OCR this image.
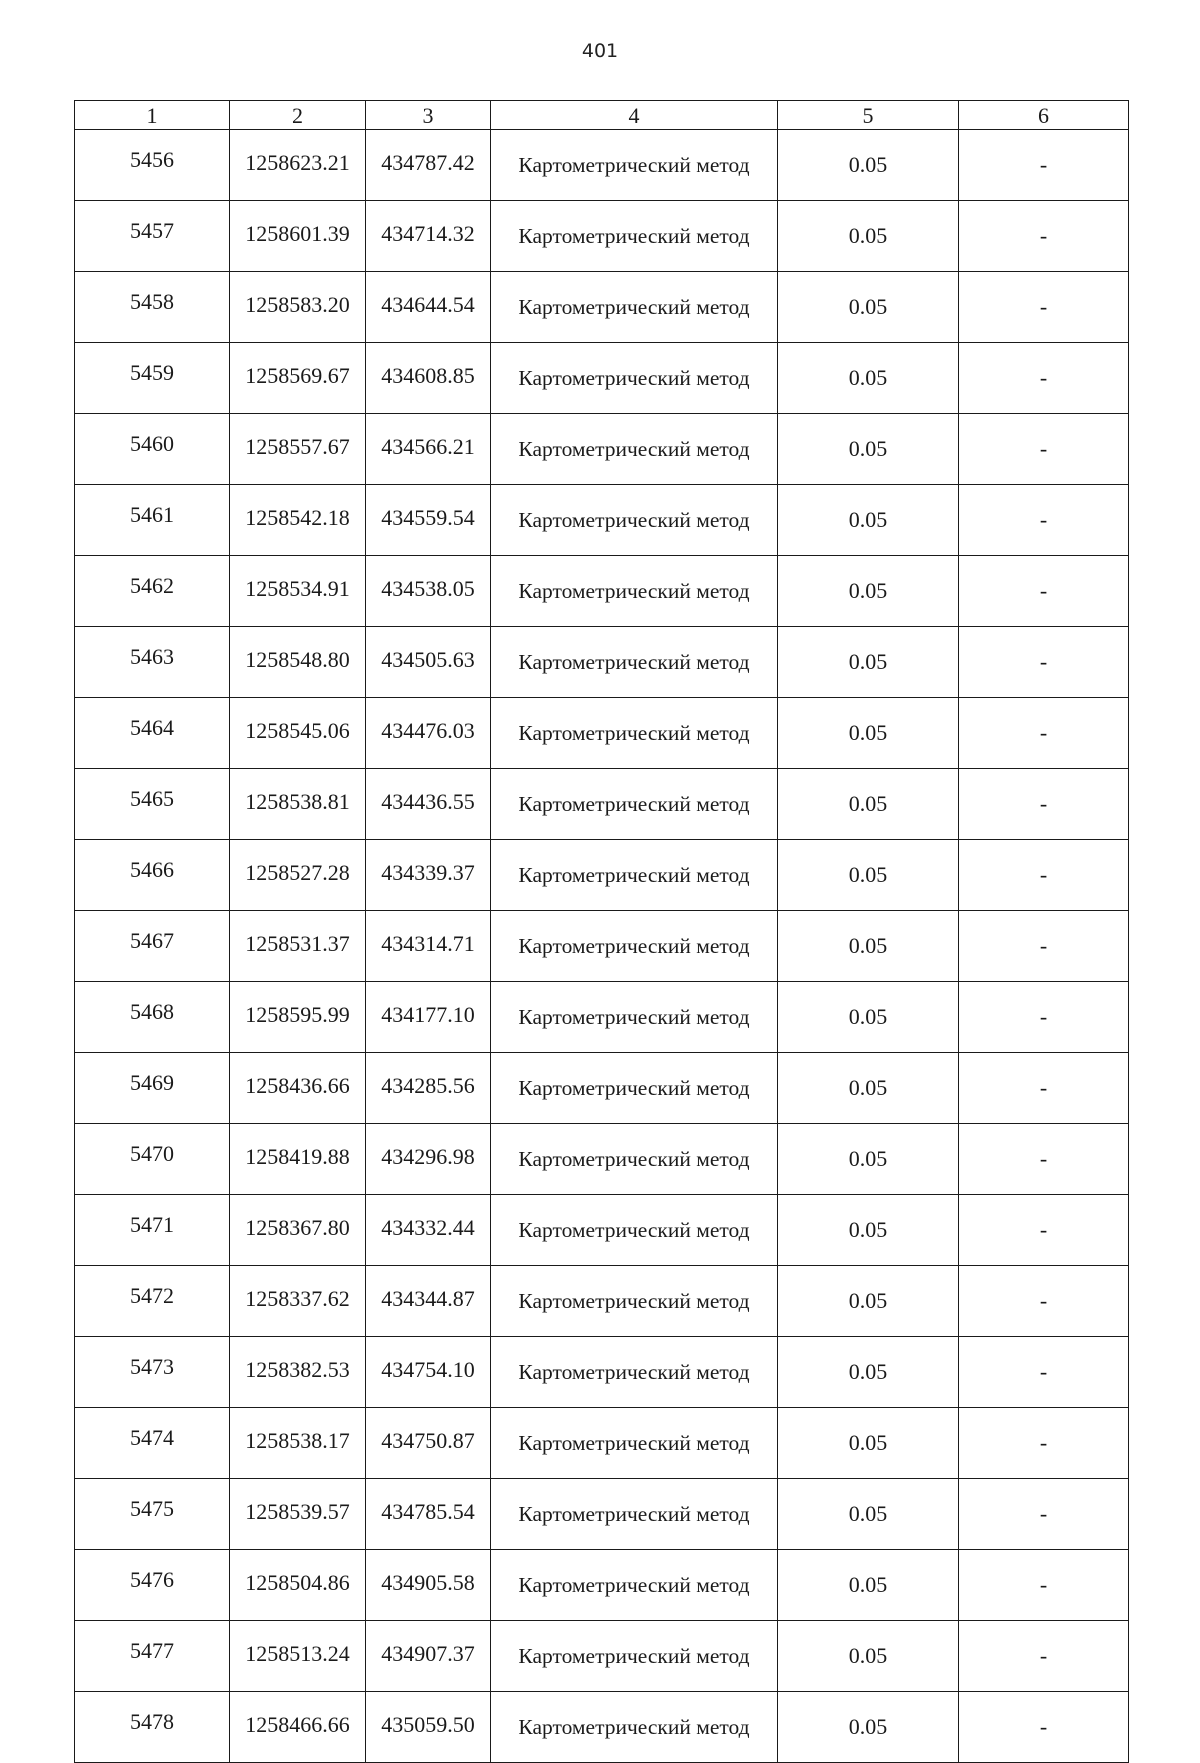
401
1	2	3	4	5	6
5456	1258623.21	434787.42	Картометрический метод	0.05	-
5457	1258601.39	434714.32	Картометрический метод	0.05	-
5458	1258583.20	434644.54	Картометрический метод	0.05	-
5459	1258569.67	434608.85	Картометрический метод	0.05	-
5460	1258557.67	434566.21	Картометрический метод	0.05	-
5461	1258542.18	434559.54	Картометрический метод	0.05	-
5462	1258534.91	434538.05	Картометрический метод	0.05	-
5463	1258548.80	434505.63	Картометрический метод	0.05	-
5464	1258545.06	434476.03	Картометрический метод	0.05	-
5465	1258538.81	434436.55	Картометрический метод	0.05	-
5466	1258527.28	434339.37	Картометрический метод	0.05	-
5467	1258531.37	434314.71	Картометрический метод	0.05	-
5468	1258595.99	434177.10	Картометрический метод	0.05	-
5469	1258436.66	434285.56	Картометрический метод	0.05	-
5470	1258419.88	434296.98	Картометрический метод	0.05	-
5471	1258367.80	434332.44	Картометрический метод	0.05	-
5472	1258337.62	434344.87	Картометрический метод	0.05	-
5473	1258382.53	434754.10	Картометрический метод	0.05	-
5474	1258538.17	434750.87	Картометрический метод	0.05	-
5475	1258539.57	434785.54	Картометрический метод	0.05	-
5476	1258504.86	434905.58	Картометрический метод	0.05	-
5477	1258513.24	434907.37	Картометрический метод	0.05	-
5478	1258466.66	435059.50	Картометрический метод	0.05	-
